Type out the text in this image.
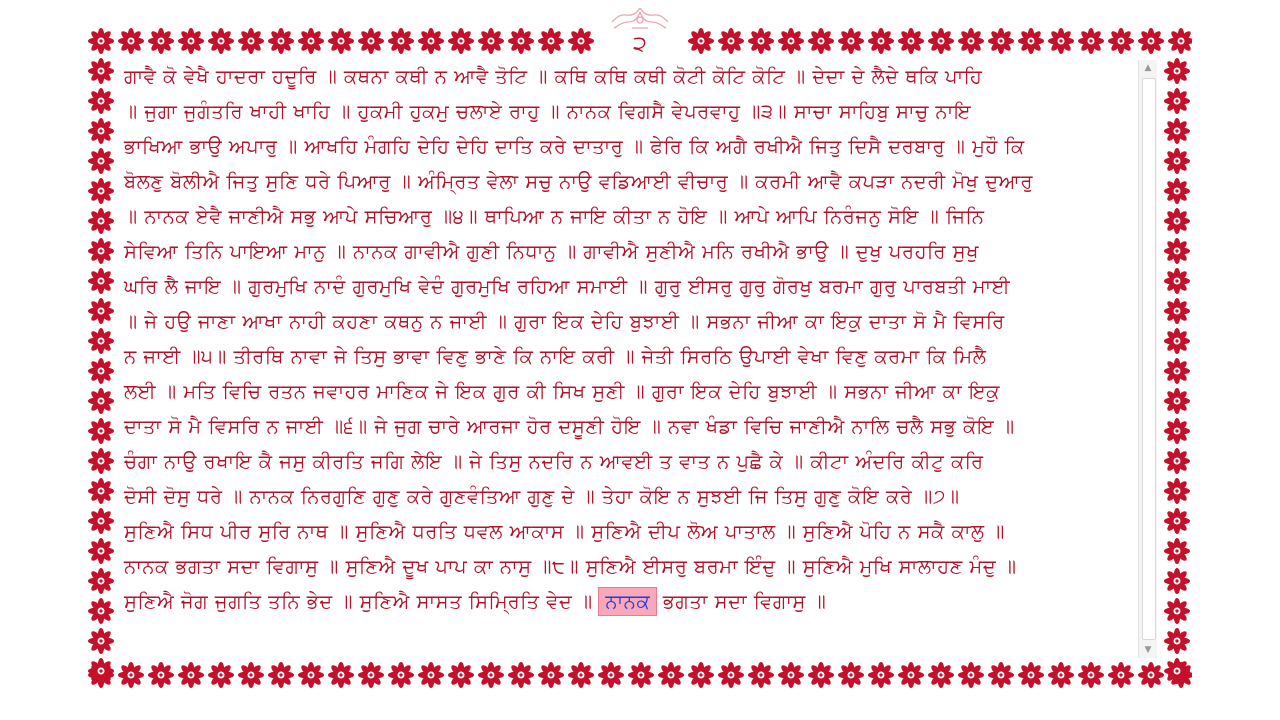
੨
ਗਾਵੈ ਕੋ ਵੇਖੈ ਹਾਦਰਾ ਹਦੂਰਿ ॥ ਕਥਨਾ ਕਥੀ ਨ ਆਵੈ ਤੋਟਿ ॥ ਕਥਿ ਕਥਿ ਕਥੀ ਕੋਟੀ ਕੋਟਿ ਕੋਟਿ ॥ ਦੇਦਾ ਦੇ ਲੈਦੇ ਥਕਿ ਪਾਹਿ
॥ ਜੁਗਾ ਜੁਗੰਤਰਿ ਖਾਹੀ ਖਾਹਿ ॥ ਹੁਕਮੀ ਹੁਕਮੁ ਚਲਾਏ ਰਾਹੁ ॥ ਨਾਨਕ ਵਿਗਸੈ ਵੇਪਰਵਾਹੁ ॥੩॥ ਸਾਚਾ ਸਾਹਿਬੁ ਸਾਚੁ ਨਾਇ
ਭਾਖਿਆ ਭਾਉ ਅਪਾਰੁ ॥ ਆਖਹਿ ਮੰਗਹਿ ਦੇਹਿ ਦੇਹਿ ਦਾਤਿ ਕਰੇ ਦਾਤਾਰੁ ॥ ਫੇਰਿ ਕਿ ਅਗੈ ਰਖੀਐ ਜਿਤੁ ਦਿਸੈ ਦਰਬਾਰੁ ॥ ਮੁਹੌ ਕਿ
ਬੋਲਣੁ ਬੋਲੀਐ ਜਿਤੁ ਸੁਣਿ ਧਰੇ ਪਿਆਰੁ ॥ ਅੰਮ੍ਰਿਤ ਵੇਲਾ ਸਚੁ ਨਾਉ ਵਡਿਆਈ ਵੀਚਾਰੁ ॥ ਕਰਮੀ ਆਵੈ ਕਪੜਾ ਨਦਰੀ ਮੋਖੁ ਦੁਆਰੁ
॥ ਨਾਨਕ ਏਵੈ ਜਾਣੀਐ ਸਭੁ ਆਪੇ ਸਚਿਆਰੁ ॥੪॥ ਥਾਪਿਆ ਨ ਜਾਇ ਕੀਤਾ ਨ ਹੋਇ ॥ ਆਪੇ ਆਪਿ ਨਿਰੰਜਨੁ ਸੋਇ ॥ ਜਿਨਿ
ਸੇਵਿਆ ਤਿਨਿ ਪਾਇਆ ਮਾਨੁ ॥ ਨਾਨਕ ਗਾਵੀਐ ਗੁਣੀ ਨਿਧਾਨੁ ॥ ਗਾਵੀਐ ਸੁਣੀਐ ਮਨਿ ਰਖੀਐ ਭਾਉ ॥ ਦੁਖੁ ਪਰਹਰਿ ਸੁਖੁ
ਘਰਿ ਲੈ ਜਾਇ ॥ ਗੁਰਮੁਖਿ ਨਾਦੰ ਗੁਰਮੁਖਿ ਵੇਦੰ ਗੁਰਮੁਖਿ ਰਹਿਆ ਸਮਾਈ ॥ ਗੁਰੁ ਈਸਰੁ ਗੁਰੁ ਗੋਰਖੁ ਬਰਮਾ ਗੁਰੁ ਪਾਰਬਤੀ ਮਾਈ
॥ ਜੇ ਹਉ ਜਾਣਾ ਆਖਾ ਨਾਹੀ ਕਹਣਾ ਕਥਨੁ ਨ ਜਾਈ ॥ ਗੁਰਾ ਇਕ ਦੇਹਿ ਬੁਝਾਈ ॥ ਸਭਨਾ ਜੀਆ ਕਾ ਇਕੁ ਦਾਤਾ ਸੋ ਮੈ ਵਿਸਰਿ
ਨ ਜਾਈ ॥੫॥ ਤੀਰਥਿ ਨਾਵਾ ਜੇ ਤਿਸੁ ਭਾਵਾ ਵਿਣੁ ਭਾਣੇ ਕਿ ਨਾਇ ਕਰੀ ॥ ਜੇਤੀ ਸਿਰਠਿ ਉਪਾਈ ਵੇਖਾ ਵਿਣੁ ਕਰਮਾ ਕਿ ਮਿਲੈ
ਲਈ ॥ ਮਤਿ ਵਿਚਿ ਰਤਨ ਜਵਾਹਰ ਮਾਣਿਕ ਜੇ ਇਕ ਗੁਰ ਕੀ ਸਿਖ ਸੁਣੀ ॥ ਗੁਰਾ ਇਕ ਦੇਹਿ ਬੁਝਾਈ ॥ ਸਭਨਾ ਜੀਆ ਕਾ ਇਕੁ
ਦਾਤਾ ਸੋ ਮੈ ਵਿਸਰਿ ਨ ਜਾਈ ॥੬॥ ਜੇ ਜੁਗ ਚਾਰੇ ਆਰਜਾ ਹੋਰ ਦਸੂਣੀ ਹੋਇ ॥ ਨਵਾ ਖੰਡਾ ਵਿਚਿ ਜਾਣੀਐ ਨਾਲਿ ਚਲੈ ਸਭੁ ਕੋਇ ॥
ਚੰਗਾ ਨਾਉ ਰਖਾਇ ਕੈ ਜਸੁ ਕੀਰਤਿ ਜਗਿ ਲੇਇ ॥ ਜੇ ਤਿਸੁ ਨਦਰਿ ਨ ਆਵਈ ਤ ਵਾਤ ਨ ਪੁਛੈ ਕੇ ॥ ਕੀਟਾ ਅੰਦਰਿ ਕੀਟੁ ਕਰਿ
ਦੋਸੀ ਦੋਸੁ ਧਰੇ ॥ ਨਾਨਕ ਨਿਰਗੁਣਿ ਗੁਣੁ ਕਰੇ ਗੁਣਵੰਤਿਆ ਗੁਣੁ ਦੇ ॥ ਤੇਹਾ ਕੋਇ ਨ ਸੁਝਈ ਜਿ ਤਿਸੁ ਗੁਣੁ ਕੋਇ ਕਰੇ ॥੭॥
ਸੁਣਿਐ ਸਿਧ ਪੀਰ ਸੁਰਿ ਨਾਥ ॥ ਸੁਣਿਐ ਧਰਤਿ ਧਵਲ ਆਕਾਸ ॥ ਸੁਣਿਐ ਦੀਪ ਲੋਅ ਪਾਤਾਲ ॥ ਸੁਣਿਐ ਪੋਹਿ ਨ ਸਕੈ ਕਾਲੁ ॥
ਨਾਨਕ ਭਗਤਾ ਸਦਾ ਵਿਗਾਸੁ ॥ ਸੁਣਿਐ ਦੂਖ ਪਾਪ ਕਾ ਨਾਸੁ ॥੮॥ ਸੁਣਿਐ ਈਸਰੁ ਬਰਮਾ ਇੰਦੁ ॥ ਸੁਣਿਐ ਮੁਖਿ ਸਾਲਾਹਣ ਮੰਦੁ ॥
ਸੁਣਿਐ ਜੋਗ ਜੁਗਤਿ ਤਨਿ ਭੇਦ ॥ ਸੁਣਿਐ ਸਾਸਤ ਸਿਮ੍ਰਿਤਿ ਵੇਦ ॥ ਨਾਨਕ ਭਗਤਾ ਸਦਾ ਵਿਗਾਸੁ ॥
▲
▼
